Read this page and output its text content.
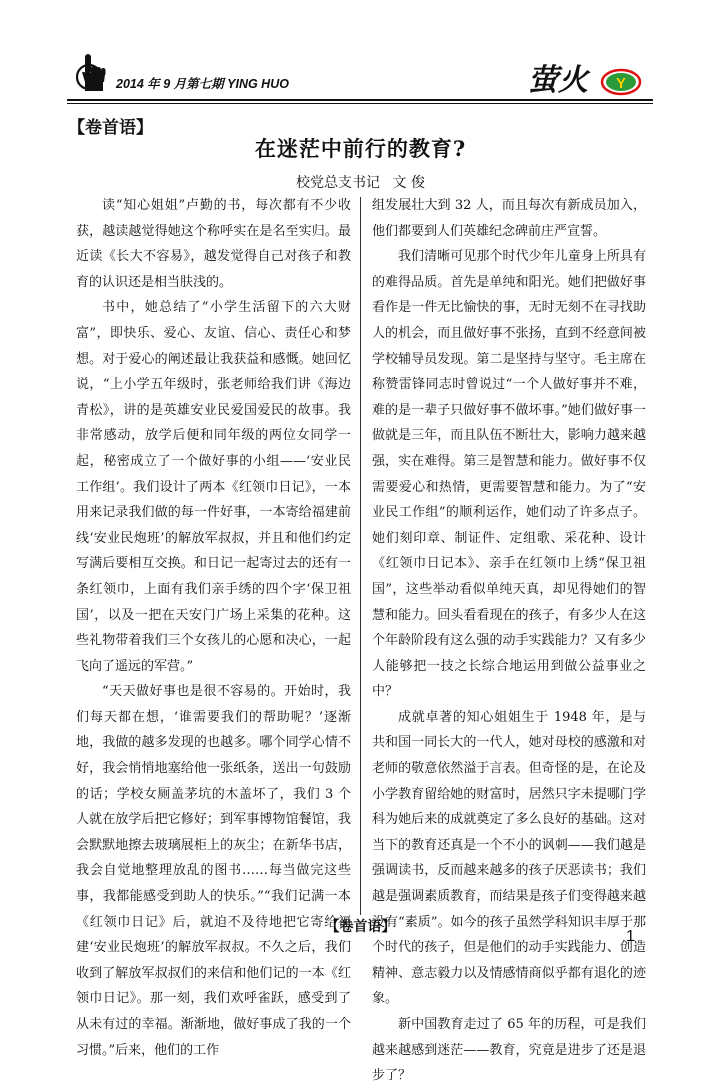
2014 年 9 月第七期 YING HUO	萤火 Y
【卷首语】
在迷茫中前行的教育?
校党总支书记 文 俊

读“知心姐姐”卢勤的书，每次都有不少收获，越读越觉得她这个称呼实在是名至实归。最近读《长大不容易》，越发觉得自己对孩子和教育的认识还是相当肤浅的。

书中，她总结了“小学生活留下的六大财富”，即快乐、爱心、友谊、信心、责任心和梦想。对于爱心的阐述最让我获益和感慨。她回忆说，“上小学五年级时，张老师给我们讲《海边青松》，讲的是英雄安业民爱国爱民的故事。我非常感动，放学后便和同年级的两位女同学一起，秘密成立了一个做好事的小组——‘安业民工作组’。我们设计了两本《红领巾日记》，一本用来记录我们做的每一件好事，一本寄给福建前线‘安业民炮班’的解放军叔叔，并且和他们约定写满后要相互交换。和日记一起寄过去的还有一条红领巾，上面有我们亲手绣的四个字‘保卫祖国’，以及一把在天安门广场上采集的花种。这些礼物带着我们三个女孩儿的心愿和决心，一起飞向了遥远的军营。”

“天天做好事也是很不容易的。开始时，我们每天都在想，‘谁需要我们的帮助呢？’逐渐地，我做的越多发现的也越多。哪个同学心情不好，我会悄悄地塞给他一张纸条，送出一句鼓励的话；学校女厕盖茅坑的木盖坏了，我们 3 个人就在放学后把它修好；到军事博物馆餐馆，我会默默地擦去玻璃展柜上的灰尘；在新华书店，我会自觉地整理放乱的图书……每当做完这些事，我都能感受到助人的快乐。”“我们记满一本《红领巾日记》后，就迫不及待地把它寄给福建‘安业民炮班’的解放军叔叔。不久之后，我们收到了解放军叔叔们的来信和他们记的一本《红领巾日记》。那一刻，我们欢呼雀跃，感受到了从未有过的幸福。渐渐地，做好事成了我的一个习惯。”后来，他们的工作

组发展壮大到 32 人，而且每次有新成员加入，他们都要到人们英雄纪念碑前庄严宣誓。

我们清晰可见那个时代少年儿童身上所具有的难得品质。首先是单纯和阳光。她们把做好事看作是一件无比愉快的事，无时无刻不在寻找助人的机会，而且做好事不张扬，直到不经意间被学校辅导员发现。第二是坚持与坚守。毛主席在称赞雷锋同志时曾说过“一个人做好事并不难，难的是一辈子只做好事不做坏事。”她们做好事一做就是三年，而且队伍不断壮大，影响力越来越强，实在难得。第三是智慧和能力。做好事不仅需要爱心和热情，更需要智慧和能力。为了“安业民工作组”的顺利运作，她们动了许多点子。她们刻印章、制证件、定组歌、采花种、设计《红领巾日记本》、亲手在红领巾上绣“保卫祖国”，这些举动看似单纯天真，却见得她们的智慧和能力。回头看看现在的孩子，有多少人在这个年龄阶段有这么强的动手实践能力？又有多少人能够把一技之长综合地运用到做公益事业之中？

成就卓著的知心姐姐生于 1948 年，是与共和国一同长大的一代人，她对母校的感激和对老师的敬意依然溢于言表。但奇怪的是，在论及小学教育留给她的财富时，居然只字未提哪门学科为她后来的成就奠定了多么良好的基础。这对当下的教育还真是一个不小的讽刺——我们越是强调读书，反而越来越多的孩子厌恶读书；我们越是强调素质教育，而结果是孩子们变得越来越没有“素质”。如今的孩子虽然学科知识丰厚于那个时代的孩子，但是他们的动手实践能力、创造精神、意志毅力以及情感情商似乎都有退化的迹象。

新中国教育走过了 65 年的历程，可是我们越来越感到迷茫——教育，究竟是进步了还是退步了？

【卷首语】
1
